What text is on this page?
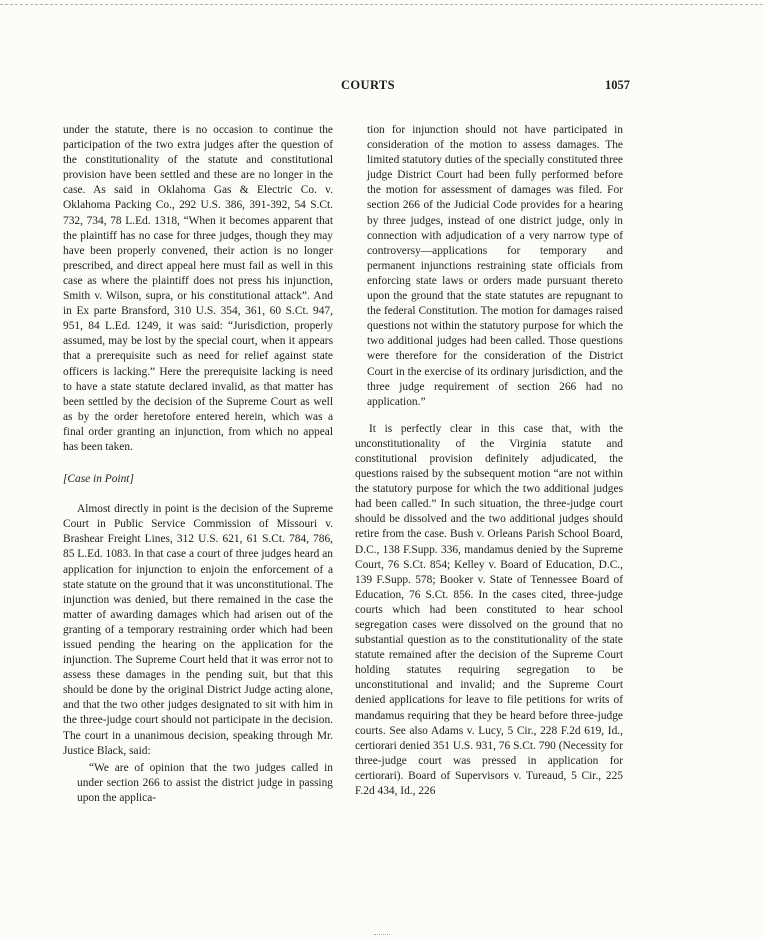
COURTS	1057

under the statute, there is no occasion to continue the participation of the two extra judges after the question of the constitutionality of the statute and constitutional provision have been settled and these are no longer in the case. As said in Oklahoma Gas & Electric Co. v. Oklahoma Packing Co., 292 U.S. 386, 391-392, 54 S.Ct. 732, 734, 78 L.Ed. 1318, “When it becomes apparent that the plaintiff has no case for three judges, though they may have been properly convened, their action is no longer prescribed, and direct appeal here must fail as well in this case as where the plaintiff does not press his injunction, Smith v. Wilson, supra, or his constitutional attack”. And in Ex parte Bransford, 310 U.S. 354, 361, 60 S.Ct. 947, 951, 84 L.Ed. 1249, it was said: “Jurisdiction, properly assumed, may be lost by the special court, when it appears that a prerequisite such as need for relief against state officers is lacking.” Here the prerequisite lacking is need to have a state statute declared invalid, as that matter has been settled by the decision of the Supreme Court as well as by the order heretofore entered herein, which was a final order granting an injunction, from which no appeal has been taken.

[Case in Point]

Almost directly in point is the decision of the Supreme Court in Public Service Commission of Missouri v. Brashear Freight Lines, 312 U.S. 621, 61 S.Ct. 784, 786, 85 L.Ed. 1083. In that case a court of three judges heard an application for injunction to enjoin the enforcement of a state statute on the ground that it was unconstitutional. The injunction was denied, but there remained in the case the matter of awarding damages which had arisen out of the granting of a temporary restraining order which had been issued pending the hearing on the application for the injunction. The Supreme Court held that it was error not to assess these damages in the pending suit, but that this should be done by the original District Judge acting alone, and that the two other judges designated to sit with him in the three-judge court should not participate in the decision. The court in a unanimous decision, speaking through Mr. Justice Black, said:

“We are of opinion that the two judges called in under section 266 to assist the district judge in passing upon the applica-

tion for injunction should not have participated in consideration of the motion to assess damages. The limited statutory duties of the specially constituted three judge District Court had been fully performed before the motion for assessment of damages was filed. For section 266 of the Judicial Code provides for a hearing by three judges, instead of one district judge, only in connection with adjudication of a very narrow type of controversy—applications for temporary and permanent injunctions restraining state officials from enforcing state laws or orders made pursuant thereto upon the ground that the state statutes are repugnant to the federal Constitution. The motion for damages raised questions not within the statutory purpose for which the two additional judges had been called. Those questions were therefore for the consideration of the District Court in the exercise of its ordinary jurisdiction, and the three judge requirement of section 266 had no application.”

It is perfectly clear in this case that, with the unconstitutionality of the Virginia statute and constitutional provision definitely adjudicated, the questions raised by the subsequent motion “are not within the statutory purpose for which the two additional judges had been called.” In such situation, the three-judge court should be dissolved and the two additional judges should retire from the case. Bush v. Orleans Parish School Board, D.C., 138 F.Supp. 336, mandamus denied by the Supreme Court, 76 S.Ct. 854; Kelley v. Board of Education, D.C., 139 F.Supp. 578; Booker v. State of Tennessee Board of Education, 76 S.Ct. 856. In the cases cited, three-judge courts which had been constituted to hear school segregation cases were dissolved on the ground that no substantial question as to the constitutionality of the state statute remained after the decision of the Supreme Court holding statutes requiring segregation to be unconstitutional and invalid; and the Supreme Court denied applications for leave to file petitions for writs of mandamus requiring that they be heard before three-judge courts. See also Adams v. Lucy, 5 Cir., 228 F.2d 619, Id., certiorari denied 351 U.S. 931, 76 S.Ct. 790 (Necessity for three-judge court was pressed in application for certiorari). Board of Supervisors v. Tureaud, 5 Cir., 225 F.2d 434, Id., 226
